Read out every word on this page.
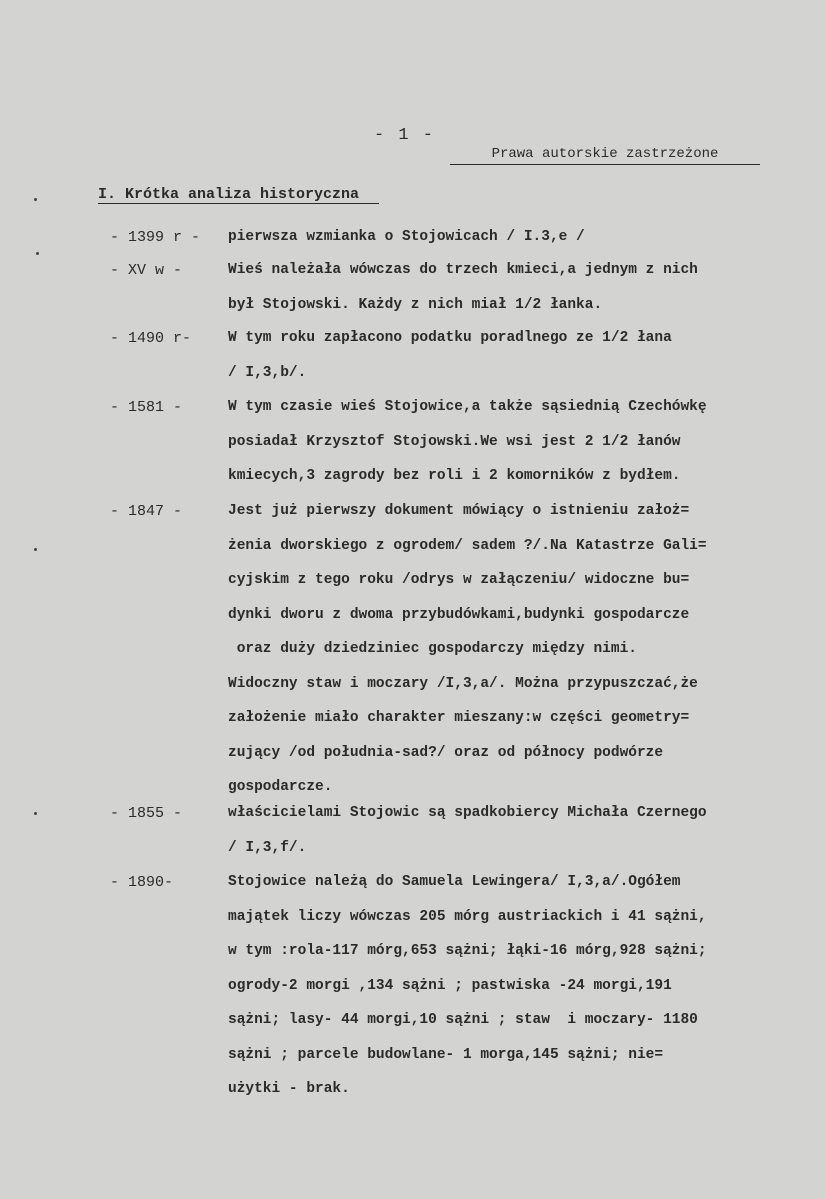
- 1 -
Prawa autorskie zastrzeżone
I. Krótka analiza historyczna
- 1399 r - pierwsza wzmianka o Stojowicach / I.3,e /
- XV w -	Wieś należała wówczas do trzech kmieci,a jednym z nich
był Stojowski. Każdy z nich miał 1/2 łanka.
- 1490 r-	W tym roku zapłacono podatku poradlnego ze 1/2 łana
/ I,3,b/.
- 1581 -	W tym czasie wieś Stojowice,a także sąsiednią Czechówkę
posiadał Krzysztof Stojowski.We wsi jest 2 1/2 łanów
kmiecych,3 zagrody bez roli i 2 komorników z bydłem.
- 1847 -	Jest już pierwszy dokument mówiący o istnieniu założ=
żenia dworskiego z ogrodem/ sadem ?/.Na Katastrze Gali=
cyjskim z tego roku /odrys w załączeniu/ widoczne bu=
dynki dworu z dwoma przybudówkami,budynki gospodarcze
oraz duży dziedziniec gospodarczy między nimi.
Widoczny staw i moczary /I,3,a/. Można przypuszczać,że
założenie miało charakter mieszany:w części geometry=
zujący /od południa-sad?/ oraz od północy podwórze
gospodarcze.
- 1855 -	właścicielami Stojowic są spadkobiercy Michała Czernego
/ I,3,f/.
- 1890-	Stojowice należą do Samuela Lewingera/ I,3,a/.Ogółem
majątek liczy wówczas 205 mórg austriackich i 41 sążni,
w tym :rola-117 mórg,653 sążni; łąki-16 mórg,928 sążni;
ogrody-2 morgi ,134 sążni ; pastwiska -24 morgi,191
sążni; lasy- 44 morgi,10 sążni ; staw  i moczary- 1180
sążni ; parcele budowlane- 1 morga,145 sążni; nie=
użytki - brak.
